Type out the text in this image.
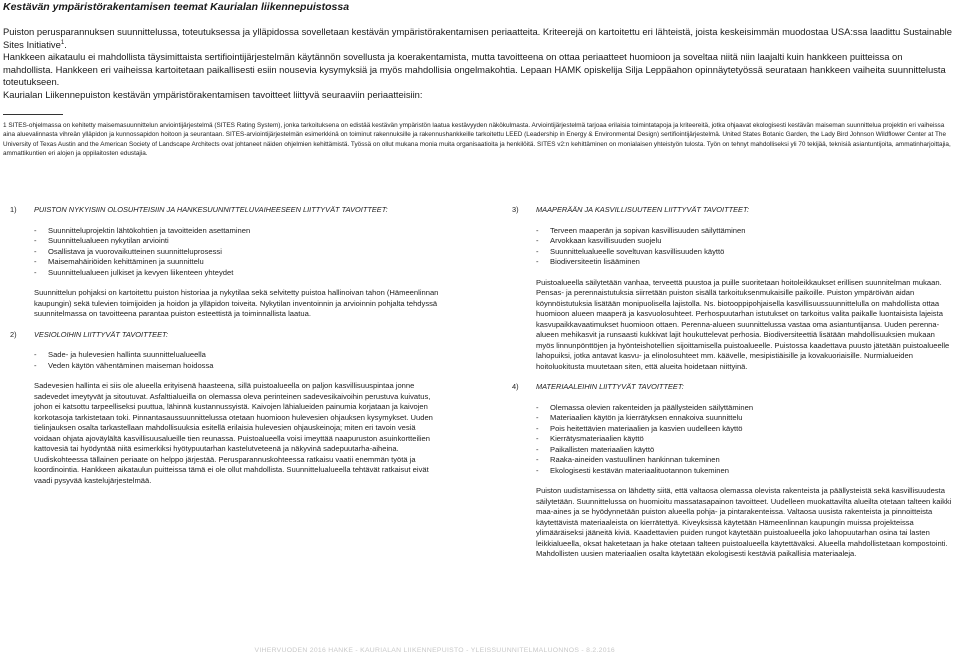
Kestävän ympäristörakentamisen teemat Kaurialan liikennepuistossa

Puiston perusparannuksen suunnittelussa, toteutuksessa ja ylläpidossa sovelletaan kestävän ympäristörakentamisen periaatteita. Kriteerejä on kartoitettu eri lähteistä, joista keskeisimmän muodostaa USA:ssa laadittu Sustainable Sites Initiative$^1$.

Hankkeen aikataulu ei mahdollista täysimittaista sertifiointijärjestelmän käytännön sovellusta ja koerakentamista, mutta tavoitteena on ottaa periaatteet huomioon ja soveltaa niitä niin laajalti kuin hankkeen puitteissa on mahdollista. Hankkeen eri vaiheissa kartoitetaan paikallisesti esiin nousevia kysymyksiä ja myös mahdollisia ongelmakohtia. Lepaan HAMK opiskelija Silja Leppäahon opinnäytetyössä seurataan hankkeen vaiheita suunnittelusta toteutukseen.

Kaurialan Liikennepuiston kestävän ympäristörakentamisen tavoitteet liittyvä seuraaviin periaatteisiin:

1 SITES-ohjelmassa on kehitetty maisemasuunnittelun arviointijärjestelmä (SITES Rating System), jonka tarkoituksena on edistää kestävän ympäristön laatua kestävyyden näkökulmasta. Arviointijärjestelmä tarjoaa erilaisia toimintatapoja ja kriteereitä, jotka ohjaavat ekologisesti kestävän maiseman suunnittelua projektin eri vaiheissa aina aluevalinnasta vihreän ylläpidon ja kunnossapidon hoitoon ja seurantaan. SITES-arviointijärjestelmän esimerkkinä on toiminut rakennuksille ja rakennushankkeille tarkoitettu LEED (Leadership in Energy & Environmental Design) sertifiointijärjestelmä. United States Botanic Garden, the Lady Bird Johnson Wildflower Center at The University of Texas Austin and the American Society of Landscape Architects ovat johtaneet näiden ohjelmien kehittämistä. Työssä on ollut mukana monia muita organisaatioita ja henkilöitä. SITES v2:n kehittäminen on monialaisen yhteistyön tulosta. Työn on tehnyt mahdolliseksi yli 70 tekijää, teknisiä asiantuntijoita, ammatinharjoittajia, ammattikuntien eri alojen ja oppilaitosten edustajia.
1)	PUISTON NYKYISIIN OLOSUHTEISIIN JA HANKESUUNNITTELUVAIHEESEEN LIITTYVÄT TAVOITTEET:
-	Suunnitteluprojektin lähtökohtien ja tavoitteiden asettaminen
-	Suunnittelualueen nykytilan arviointi
-	Osallistava ja vuorovaikutteinen suunnitteluprosessi
-	Maisemahäiriöiden kehittäminen ja suunnittelu
-	Suunnittelualueen julkiset ja kevyen liikenteen yhteydet

Suunnittelun pohjaksi on kartoitettu puiston historiaa ja nykytilaa sekä selvitetty puistoa hallinoivan tahon (Hämeenlinnan kaupungin) sekä tulevien toimijoiden ja hoidon ja ylläpidon toiveita. Nykytilan inventoinnin ja arvioinnin pohjalta tehdyssä suunnitelmassa on tavoitteena parantaa puiston esteettistä ja toiminnallista laatua.

2)	VESIOLOIHIN LIITTYVÄT TAVOITTEET:
-	Sade- ja hulevesien hallinta suunnittelualueella
-	Veden käytön vähentäminen maiseman hoidossa

Sadevesien hallinta ei siis ole alueella erityisenä haasteena, sillä puistoalueella on paljon kasvillisuuspintaa jonne sadevedet imeytyvät ja sitoutuvat. Asfalttialueilla on olemassa oleva perinteinen sadevesikaivoihin perustuva kuivatus, johon ei katsottu tarpeelliseksi puuttua, lähinnä kustannussyistä. Kaivojen lähialueiden painumia korjataan ja kaivojen korkotasoja tarkistetaan toki. Pinnantasaussuunnittelussa otetaan huomioon hulevesien ohjauksen kysymykset. Uuden tielinjauksen osalta tarkastellaan mahdollisuuksia esitellä erilaisia hulevesien ohjauskeinoja; miten eri tavoin vesiä voidaan ohjata ajoväylältä kasvillisuusalueille tien reunassa. Puistoalueella voisi imeyttää naapuruston asuinkortteilien kattovesiä tai hyödyntää niitä esimerkiksi hyötypuutarhan kastelutveteenä ja näkyvinä sadepuutarha-aiheina. Uudiskohteessa tällainen periaate on helppo järjestää. Perusparannuskohteessa ratkaisu vaatii enemmän työtä ja koordinointia. Hankkeen aikataulun puitteissa tämä ei ole ollut mahdollista. Suunnittelualueella tehtävät ratkaisut eivät vaadi pysyvää kastelujärjestelmää.

3)	MAAPERÄÄN JA KASVILLISUUTEEN LIITTYVÄT TAVOITTEET:
-	Terveen maaperän ja sopivan kasvillisuuden säilyttäminen
-	Arvokkaan kasvillisuuden suojelu
-	Suunnittelualueelle soveltuvan kasvillisuuden käyttö
-	Biodiversiteetin lisääminen

Puistoalueella säilytetään vanhaa, terveettä puustoa ja puille suoritetaan hoitoleikkaukset erillisen suunnitelman mukaan. Pensas- ja perennaistutuksia siirretään puiston sisällä tarkoituksenmukaisille paikoille. Puiston ympäröivän aidan köynnöistutuksia lisätään monipuolisella lajistolla. Ns. biotooppipohjaisella kasvillisuussuunnittelulla on mahdollista ottaa huomioon alueen maaperä ja kasvuolosuhteet. Perhospuutarhan istutukset on tarkoitus valita paikalle luontaisista lajeista kasvupaikkavaatimukset huomioon ottaen. Perenna-alueen suunnittelussa vastaa oma asiantuntijansa. Uuden perenna-alueen mehikasvit ja runsaasti kukkivat lajit houkuttelevat perhosia. Biodiversiteettiä lisätään mahdollisuuksien mukaan myös linnunpönttöjen ja hyönteishotellien sijoittamisella puistoalueelle. Puistossa kaadettava puusto jätetään puistoalueelle lahopuiksi, jotka antavat kasvu- ja elinolosuhteet mm. käävelle, mesipistiäisille ja kovakuoriaisille. Nurmialueiden hoitoluokitusta muutetaan siten, että alueita hoidetaan niittyinä.

4)	MATERIAALEIHIN LIITTYVÄT TAVOITTEET:
-	Olemassa olevien rakenteiden ja päällysteiden säilyttäminen
-	Materiaalien käytön ja kierrätyksen ennakoiva suunnittelu
-	Pois heitettävien materiaalien ja kasvien uudelleen käyttö
-	Kierrätysmateriaalien käyttö
-	Paikallisten materiaalien käyttö
-	Raaka-aineiden vastuullinen hankinnan tukeminen
-	Ekologisesti kestävän materiaalituotannon tukeminen

Puiston uudistamisessa on lähdetty siitä, että valtaosa olemassa olevista rakenteista ja päällysteistä sekä kasvillisuudesta säilytetään. Suunnittelussa on huomioitu massatasapainon tavoitteet. Uudelleen muokattavilta alueilta otetaan talteen kaikki maa-aines ja se hyödynnetään puiston alueella pohja- ja pintarakenteissa. Valtaosa uusista rakenteista ja pinnoitteista käytettävistä materiaaleista on kierrätettyä. Kiveyksissä käytetään Hämeenlinnan kaupungin muissa projekteissa ylimääräiseksi jääneitä kiviä. Kaadettavien puiden rungot käytetään puistoalueella joko lahopuutarhan osina tai lasten leikkialueella, oksat haketetaan ja hake otetaan talteen puistoalueella käytettäväksi. Alueella mahdollistetaan kompostointi. Mahdollisten uusien materiaalien osalta käytetään ekologisesti kestäviä paikallisia materiaaleja.

VIHERVUODEN 2016 HANKE - KAURIALAN LIIKENNEPUISTO - YLEISSUUNNITELMALUONNOS - 8.2.2016
